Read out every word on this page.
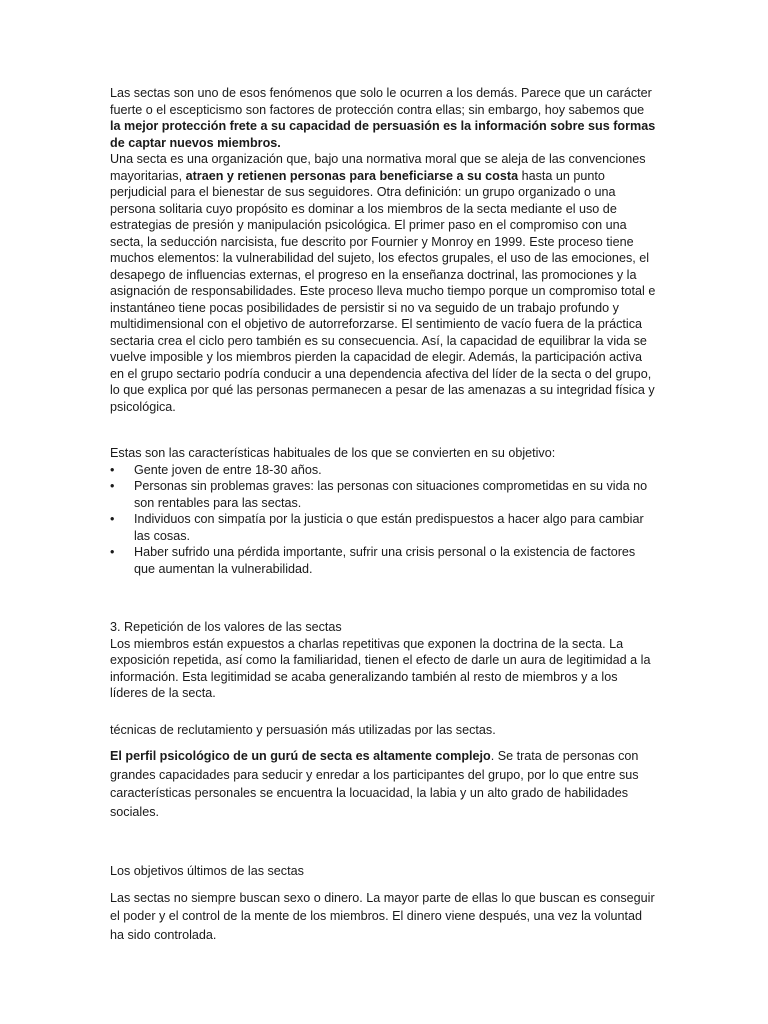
Las sectas son uno de esos fenómenos que solo le ocurren a los demás. Parece que un carácter fuerte o el escepticismo son factores de protección contra ellas; sin embargo, hoy sabemos que la mejor protección frete a su capacidad de persuasión es la información sobre sus formas de captar nuevos miembros.

Una secta es una organización que, bajo una normativa moral que se aleja de las convenciones mayoritarias, atraen y retienen personas para beneficiarse a su costa hasta un punto perjudicial para el bienestar de sus seguidores. Otra definición: un grupo organizado o una persona solitaria cuyo propósito es dominar a los miembros de la secta mediante el uso de estrategias de presión y manipulación psicológica. El primer paso en el compromiso con una secta, la seducción narcisista, fue descrito por Fournier y Monroy en 1999. Este proceso tiene muchos elementos: la vulnerabilidad del sujeto, los efectos grupales, el uso de las emociones, el desapego de influencias externas, el progreso en la enseñanza doctrinal, las promociones y la asignación de responsabilidades. Este proceso lleva mucho tiempo porque un compromiso total e instantáneo tiene pocas posibilidades de persistir si no va seguido de un trabajo profundo y multidimensional con el objetivo de autorreforzarse. El sentimiento de vacío fuera de la práctica sectaria crea el ciclo pero también es su consecuencia. Así, la capacidad de equilibrar la vida se vuelve imposible y los miembros pierden la capacidad de elegir. Además, la participación activa en el grupo sectario podría conducir a una dependencia afectiva del líder de la secta o del grupo, lo que explica por qué las personas permanecen a pesar de las amenazas a su integridad física y psicológica.

Estas son las características habituales de los que se convierten en su objetivo:

• Gente joven de entre 18-30 años.
• Personas sin problemas graves: las personas con situaciones comprometidas en su vida no son rentables para las sectas.
• Individuos con simpatía por la justicia o que están predispuestos a hacer algo para cambiar las cosas.
• Haber sufrido una pérdida importante, sufrir una crisis personal o la existencia de factores que aumentan la vulnerabilidad.

3. Repetición de los valores de las sectas

Los miembros están expuestos a charlas repetitivas que exponen la doctrina de la secta. La exposición repetida, así como la familiaridad, tienen el efecto de darle un aura de legitimidad a la información. Esta legitimidad se acaba generalizando también al resto de miembros y a los líderes de la secta.

técnicas de reclutamiento y persuasión más utilizadas por las sectas.

El perfil psicológico de un gurú de secta es altamente complejo. Se trata de personas con grandes capacidades para seducir y enredar a los participantes del grupo, por lo que entre sus características personales se encuentra la locuacidad, la labia y un alto grado de habilidades sociales.

Los objetivos últimos de las sectas

Las sectas no siempre buscan sexo o dinero. La mayor parte de ellas lo que buscan es conseguir el poder y el control de la mente de los miembros. El dinero viene después, una vez la voluntad ha sido controlada.
